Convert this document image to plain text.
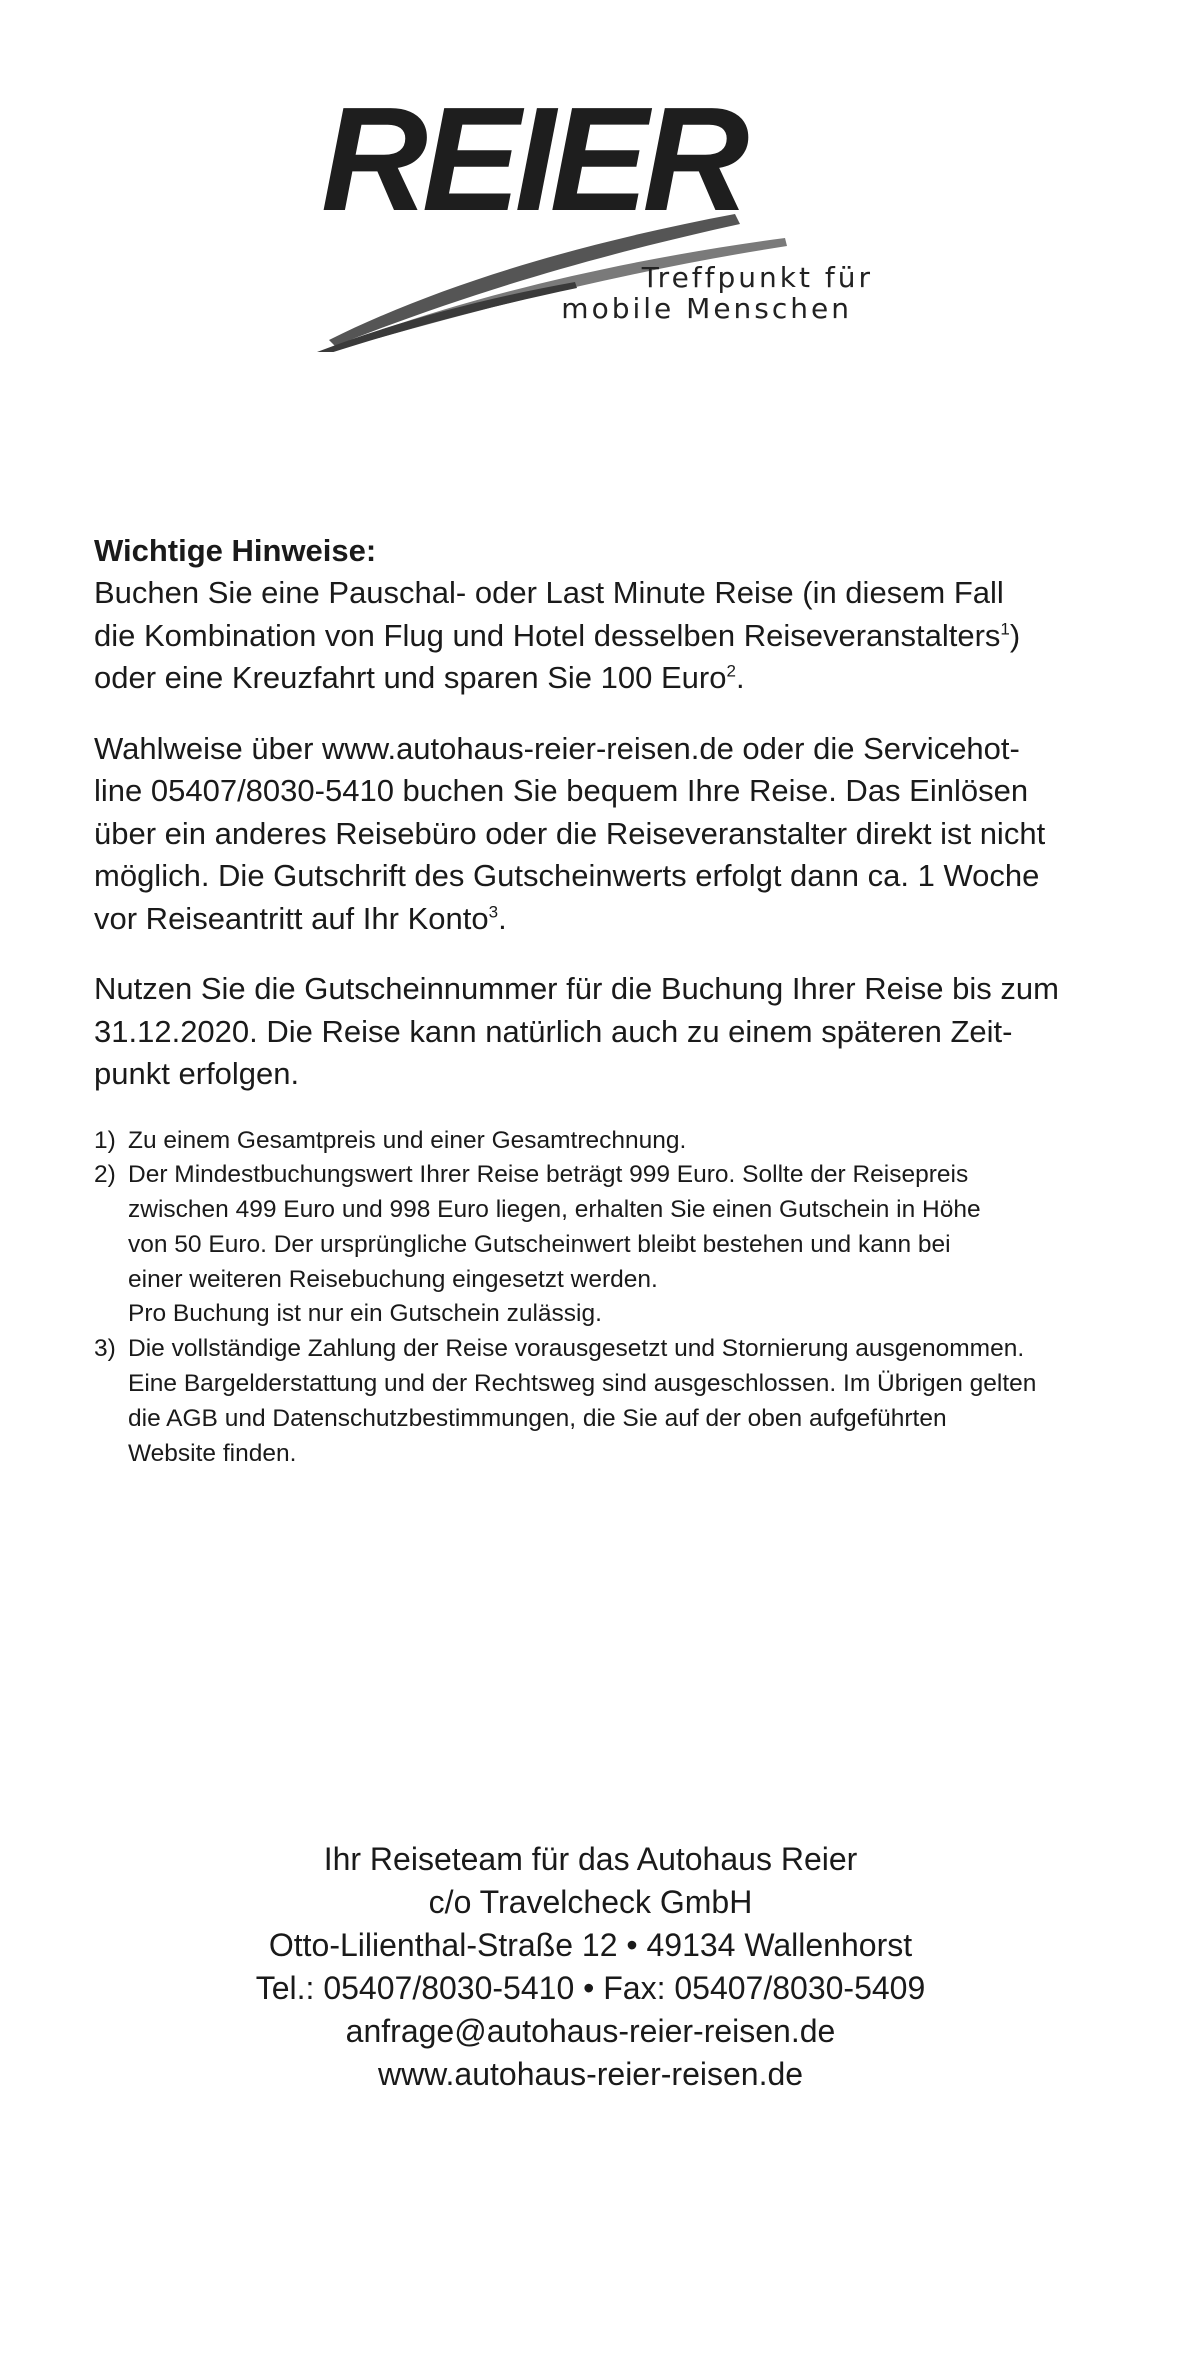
REIER
Treffpunkt für
mobile Menschen

Wichtige Hinweise:

Buchen Sie eine Pauschal- oder Last Minute Reise (in diesem Fall
die Kombination von Flug und Hotel desselben Reiseveranstalters$^1$)
oder eine Kreuzfahrt und sparen Sie 100 Euro$^2$.

Wahlweise über www.autohaus-reier-reisen.de oder die Servicehot-
line 05407/8030-5410 buchen Sie bequem Ihre Reise. Das Einlösen
über ein anderes Reisebüro oder die Reiseveranstalter direkt ist nicht
möglich. Die Gutschrift des Gutscheinwerts erfolgt dann ca. 1 Woche
vor Reiseantritt auf Ihr Konto$^3$.

Nutzen Sie die Gutscheinnummer für die Buchung Ihrer Reise bis zum
31.12.2020. Die Reise kann natürlich auch zu einem späteren Zeit-
punkt erfolgen.

1) Zu einem Gesamtpreis und einer Gesamtrechnung.
2) Der Mindestbuchungswert Ihrer Reise beträgt 999 Euro. Sollte der Reisepreis
zwischen 499 Euro und 998 Euro liegen, erhalten Sie einen Gutschein in Höhe
von 50 Euro. Der ursprüngliche Gutscheinwert bleibt bestehen und kann bei
einer weiteren Reisebuchung eingesetzt werden.
Pro Buchung ist nur ein Gutschein zulässig.
3) Die vollständige Zahlung der Reise vorausgesetzt und Stornierung ausgenommen.
Eine Bargelderstattung und der Rechtsweg sind ausgeschlossen. Im Übrigen gelten
die AGB und Datenschutzbestimmungen, die Sie auf der oben aufgeführten
Website finden.
Ihr Reiseteam für das Autohaus Reier
c/o Travelcheck GmbH
Otto-Lilienthal-Straße 12 • 49134 Wallenhorst
Tel.: 05407/8030-5410 • Fax: 05407/8030-5409
anfrage@autohaus-reier-reisen.de
www.autohaus-reier-reisen.de
